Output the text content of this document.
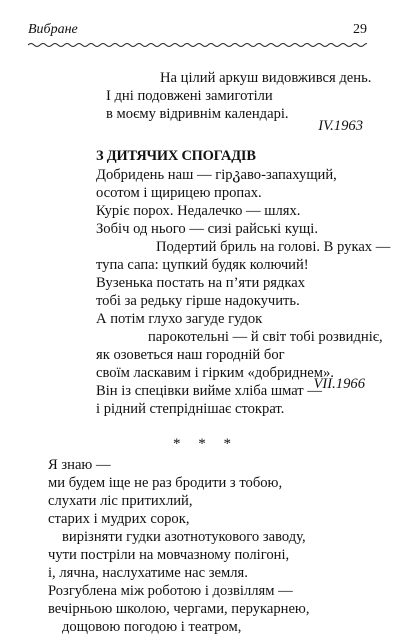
Вибране	29
На цілий аркуш видовжився день.
І дні подовжені замиготіли
в моєму відривнім календарі.
IV.1963
З ДИТЯЧИХ СПОГАДІВ
Добридень наш — гірკаво-запахущий,
осотом і щирицею пропах.
Куріє порох. Недалечко — шлях.
Зобіч од нього — сизі райські кущі.
Подертий бриль на голові. В руках —
тупа сапа: цупкий будяк колючий!
Вузенька постать на п’яти рядках
тобі за редьку гірше надокучить.
А потім глухо загуде гудок
парокотельні — й світ тобі розвидніє,
як озоветься наш городній бог
своїм ласкавим і гірким «добриднем».
Він із спецівки вийме хліба шмат —
і рідний степріднішає стократ.
VII.1966
* * *
Я знаю —
ми будем іще не раз бродити з тобою,
слухати ліс притихлий,
старих і мудрих сорок,
вирізняти гудки азотнотукового заводу,
чути постріли на мовчазному полігоні,
і, лячна, наслухатиме нас земля.
Розгублена між роботою і дозвіллям —
вечірньою школою, чергами, перукарнею,
дощовою погодою і театром,
